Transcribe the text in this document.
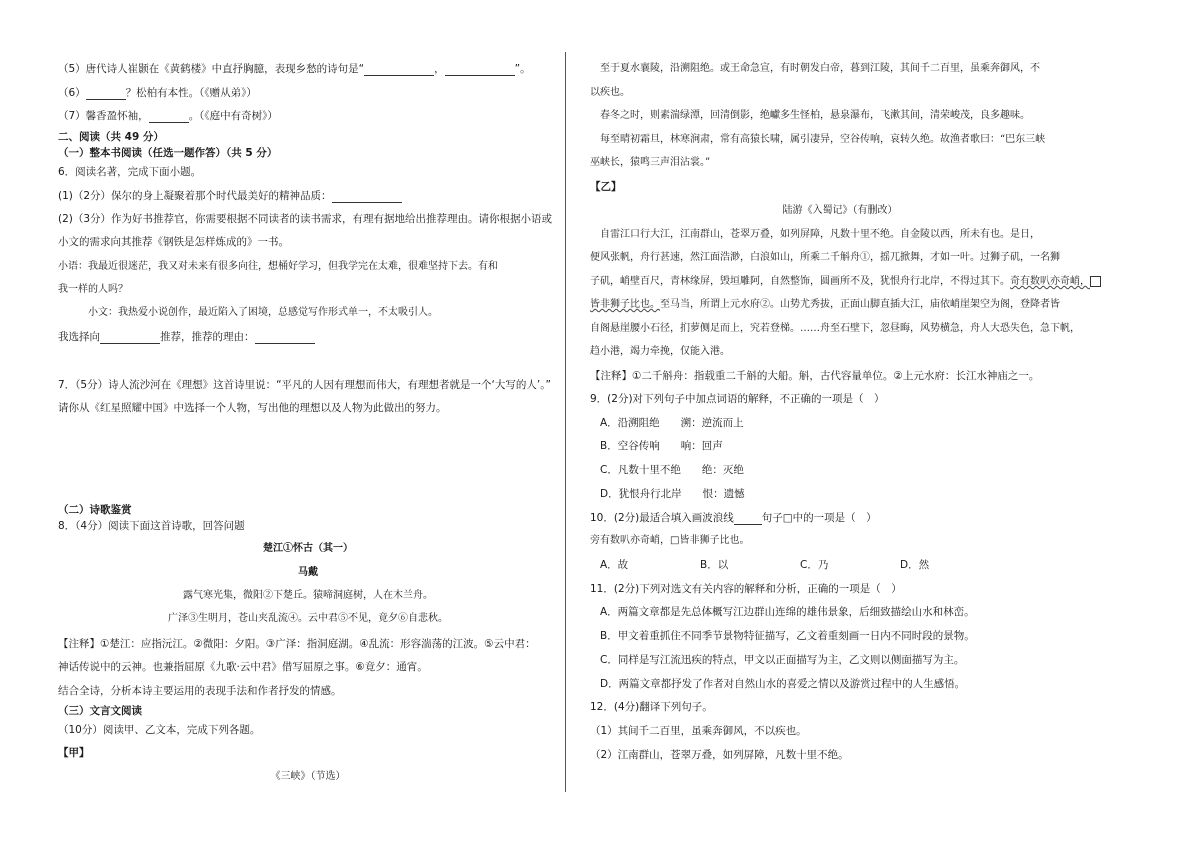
（5）唐代诗人崔颢在《黄鹤楼》中直抒胸臆，表现乡愁的诗句是“	，	”。
（6）	？松柏有本性。（《赠从弟》）
（7）馨香盈怀袖，	。（《庭中有奇树》）
二、阅读（共 49 分）
（一）整本书阅读（任选一题作答）（共 5 分）
6．阅读名著，完成下面小题。
(1)（2分）保尔的身上凝聚着那个时代最美好的精神品质：
(2)（3分）作为好书推荐官，你需要根据不同读者的读书需求，有理有据地给出推荐理由。请你根据小语或
小文的需求向其推荐《钢铁是怎样炼成的》一书。
小语：我最近很迷茫，我又对未来有很多向往，想桶好学习，但我学完在太难，很难坚持下去。有和
我一样的人吗？
小文：我热爱小说创作，最近陷入了困境，总感觉写作形式单一，不太吸引人。
我选择向	推荐，推荐的理由：
7．（5分）诗人流沙河在《理想》这首诗里说：“平凡的人因有理想而伟大，有理想者就是一个‘大写的人’。”
请你从《红星照耀中国》中选择一个人物，写出他的理想以及人物为此做出的努力。
（二）诗歌鉴赏
8．（4分）阅读下面这首诗歌，回答问题
楚江①怀古（其一）
马戴
露气寒光集，微阳②下楚丘。猿啼洞庭树，人在木兰舟。
广泽③生明月，苍山夹乱流④。云中君⑤不见，竟夕⑥自悲秋。
【注释】①楚江：应指沅江。②微阳：夕阳。③广泽：指洞庭湖。④乱流：形容湍荡的江波。⑤云中君：
神话传说中的云神。也兼指屈原《九歌·云中君》借写屈原之事。⑥竟夕：通宵。
结合全诗，分析本诗主要运用的表现手法和作者抒发的情感。
（三）文言文阅读
（10分）阅读甲、乙文本，完成下列各题。
【甲】
《三峡》（节选）
至于夏水襄陵，沿溯阻绝。或王命急宣，有时朝发白帝，暮到江陵，其间千二百里，虽乘奔御风，不
以疾也。
春冬之时，则素湍绿潭，回清倒影，绝巘多生怪柏，悬泉瀑布，飞漱其间，清荣峻茂，良多趣味。
每至晴初霜旦，林寒涧肃，常有高猿长啸，属引凄异，空谷传响，哀转久绝。故渔者歌曰：“巴东三峡
巫峡长，猿鸣三声泪沾裳。”
【乙】
陆游《入蜀记》（有删改）
自雷江口行大江，江南群山，苍翠万叠，如列屏障，凡数十里不绝。自金陵以西，所未有也。是日，
便风张帆，舟行甚速，然江面浩渺，白浪如山，所乘二千斛舟①，摇兀掀舞，才如一叶。过狮子矶，一名狮
子矶，峭壁百尺，青林缘屏，毁垣雕阿，自然整饰，圆画所不及，犹恨舟行北岸，不得过其下。奇有数叭亦奇峭，
皆非狮子比也。至马当，所谓上元水府②。山势尤秀拔，正面山脚直插大江，庙依峭崖架空为阁，登降者皆
自阁悬崖腰小石径，扪萝侧足而上，究若登梯。……舟至石壁下，忽昼晦，风势横急，舟人大恐失色，急下帆，
趋小港，竭力牵挽，仅能入港。
【注释】①二千斛舟：指载重二千斛的大船。斛，古代容量单位。②上元水府：长江水神庙之一。
9．(2分)对下列句子中加点词语的解释，不正确的一项是（　）
A．沿溯阻绝　　溯：逆流而上
B．空谷传响　　响：回声
C．凡数十里不绝　　绝：灭绝
D．犹恨舟行北岸　　恨：遗憾
10．(2分)最适合填入画波浪线	句子□中的一项是（　）
旁有数叭亦奇峭，□皆非狮子比也。
A．故	B．以	C．乃	D．然
11．(2分)下列对选文有关内容的解释和分析，正确的一项是（　）
A．两篇文章都是先总体概写江边群山连绵的雄伟景象，后细致描绘山水和林峦。
B．甲文着重抓住不同季节景物特征描写，乙文着重刻画一日内不同时段的景物。
C．同样是写江流迅疾的特点，甲文以正面描写为主，乙文则以侧面描写为主。
D．两篇文章都抒发了作者对自然山水的喜爱之情以及游赏过程中的人生感悟。
12．(4分)翻译下列句子。
（1）其间千二百里，虽乘奔御风，不以疾也。
（2）江南群山，苍翠万叠，如列屏障，凡数十里不绝。
